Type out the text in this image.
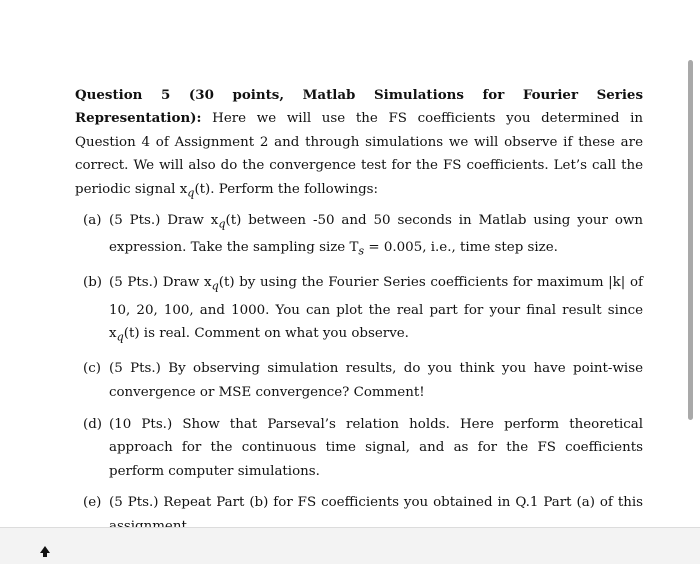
Question 5 (30 points, Matlab Simulations for Fourier Series Representation): Here we will use the FS coefficients you determined in Question 4 of Assignment 2 and through simulations we will observe if these are correct. We will also do the convergence test for the FS coefficients. Let’s call the periodic signal $x_q(t)$. Perform the followings:

(a) (5 Pts.) Draw $x_q(t)$ between -50 and 50 seconds in Matlab using your own expression. Take the sampling size $T_s = 0.005$, i.e., time step size.
(b) (5 Pts.) Draw $x_q(t)$ by using the Fourier Series coefficients for maximum |k| of 10, 20, 100, and 1000. You can plot the real part for your final result since $x_q(t)$ is real. Comment on what you observe.
(c) (5 Pts.) By observing simulation results, do you think you have point-wise convergence or MSE convergence? Comment!
(d) (10 Pts.) Show that Parseval’s relation holds. Here perform theoretical approach for the continuous time signal, and as for the FS coefficients perform computer simulations.
(e) (5 Pts.) Repeat Part (b) for FS coefficients you obtained in Q.1 Part (a) of this
